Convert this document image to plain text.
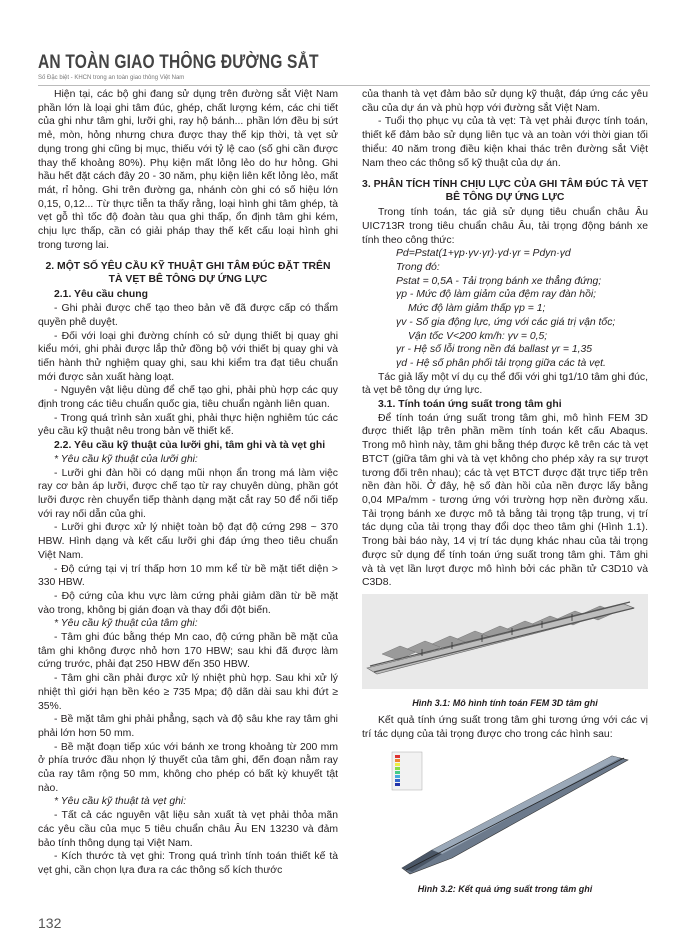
AN TOÀN GIAO THÔNG ĐƯỜNG SẮT
Số Đặc biệt - KHCN trong an toàn giao thông Việt Nam

Hiện tại, các bộ ghi đang sử dụng trên đường sắt Việt Nam phần lớn là loại ghi tâm đúc, ghép, chất lượng kém, các chi tiết của ghi như tâm ghi, lưỡi ghi, ray hộ bánh... phần lớn đều bị sứt mẻ, mòn, hỏng nhưng chưa được thay thế kịp thời, tà vẹt sử dụng trong ghi cũng bị mục, thiếu với tỷ lệ cao (số ghi cần được thay thế khoảng 80%). Phụ kiện mất lỏng lẻo do hư hỏng. Ghi hầu hết đặt cách đây 20 - 30 năm, phụ kiện liên kết lỏng lẻo, mất mát, rỉ hỏng. Ghi trên đường ga, nhánh còn ghi có số hiệu lớn 0,15, 0,12... Từ thực tiễn ta thấy rằng, loại hình ghi tâm ghép, tà vẹt gỗ thì tốc độ đoàn tàu qua ghi thấp, ổn định tâm ghi kém, chịu lực thấp, cần có giải pháp thay thế kết cấu loại hình ghi trong tương lai.

2. MỘT SỐ YÊU CẦU KỸ THUẬT GHI TÂM ĐÚC ĐẶT TRÊN TÀ VẸT BÊ TÔNG DỰ ỨNG LỰC
2.1. Yêu cầu chung

- Ghi phải được chế tạo theo bản vẽ đã được cấp có thẩm quyền phê duyệt.

- Đối với loại ghi đường chính có sử dụng thiết bị quay ghi kiểu mới, ghi phải được lắp thử đồng bộ với thiết bị quay ghi và tiến hành thử nghiệm quay ghi, sau khi kiểm tra đạt tiêu chuẩn mới được sản xuất hàng loạt.

- Nguyên vật liệu dùng để chế tạo ghi, phải phù hợp các quy định trong các tiêu chuẩn quốc gia, tiêu chuẩn ngành liên quan.

- Trong quá trình sản xuất ghi, phải thực hiện nghiêm túc các yêu cầu kỹ thuật nêu trong bản vẽ thiết kế.

2.2. Yêu cầu kỹ thuật của lưỡi ghi, tâm ghi và tà vẹt ghi

* Yêu cầu kỹ thuật của lưỡi ghi:

- Lưỡi ghi đàn hồi có dạng mũi nhọn ẩn trong má làm việc ray cơ bản áp lưỡi, được chế tạo từ ray chuyên dùng, phần gót lưỡi được rèn chuyển tiếp thành dạng mặt cắt ray 50 để nối tiếp với ray nối dẫn của ghi.

- Lưỡi ghi được xử lý nhiệt toàn bộ đạt độ cứng 298 ~ 370 HBW. Hình dạng và kết cấu lưỡi ghi đáp ứng theo tiêu chuẩn Việt Nam.

- Độ cứng tại vị trí thấp hơn 10 mm kể từ bề mặt tiết diện > 330 HBW.

- Độ cứng của khu vực làm cứng phải giảm dần từ bề mặt vào trong, không bị gián đoạn và thay đổi đột biến.

* Yêu cầu kỹ thuật của tâm ghi:

- Tâm ghi đúc bằng thép Mn cao, độ cứng phần bề mặt của tâm ghi không được nhỏ hơn 170 HBW; sau khi đã được làm cứng trước, phải đạt 250 HBW đến 350 HBW.

- Tâm ghi cần phải được xử lý nhiệt phù hợp. Sau khi xử lý nhiệt thì giới hạn bền kéo ≥ 735 Mpa; độ dãn dài sau khi đứt ≥ 35%.

- Bề mặt tâm ghi phải phẳng, sạch và độ sâu khe ray tâm ghi phải lớn hơn 50 mm.

- Bề mặt đoạn tiếp xúc với bánh xe trong khoảng từ 200 mm ở phía trước đầu nhọn lý thuyết của tâm ghi, đến đoạn nằm ray của ray tâm rộng 50 mm, không cho phép có bất kỳ khuyết tật nào.

* Yêu cầu kỹ thuật tà vẹt ghi:

- Tất cả các nguyên vật liệu sản xuất tà vẹt phải thỏa mãn các yêu cầu của mục 5 tiêu chuẩn châu Âu EN 13230 và đảm bảo tính thông dụng tại Việt Nam.

- Kích thước tà vẹt ghi: Trong quá trình tính toán thiết kế tà vẹt ghi, cần chọn lựa đưa ra các thông số kích thước

của thanh tà vẹt đảm bảo sử dụng kỹ thuật, đáp ứng các yêu cầu của dự án và phù hợp với đường sắt Việt Nam.

- Tuổi thọ phục vụ của tà vẹt: Tà vẹt phải được tính toán, thiết kế đảm bảo sử dụng liên tục và an toàn với thời gian tối thiểu: 40 năm trong điều kiện khai thác trên đường sắt Việt Nam theo các thông số kỹ thuật của dự án.

3. PHÂN TÍCH TÍNH CHỊU LỰC CỦA GHI TÂM ĐÚC TÀ VẸT BÊ TÔNG DỰ ỨNG LỰC

Trong tính toán, tác giả sử dụng tiêu chuẩn châu Âu UIC713R trong tiêu chuẩn châu Âu, tải trọng động bánh xe tính theo công thức:

Pd=Pstat(1+γp·γv·γr)·γd·γr = Pdyn·γd

Trong đó:

Pstat = 0,5A - Tải trọng bánh xe thẳng đứng;

γp - Mức độ làm giảm của đệm ray đàn hồi;

Mức độ làm giảm thấp γp = 1;

γv - Số gia động lực, ứng với các giá trị vận tốc;

Vận tốc V<200 km/h: γv = 0,5;

γr - Hệ số lỗi trong nền đá ballast γr = 1,35

γd - Hệ số phân phối tải trọng giữa các tà vẹt.

Tác giả lấy một ví dụ cụ thể đối với ghi tg1/10 tâm ghi đúc, tà vẹt bê tông dự ứng lực.

3.1. Tính toán ứng suất trong tâm ghi

Để tính toán ứng suất trong tâm ghi, mô hình FEM 3D được thiết lập trên phần mềm tính toán kết cấu Abaqus. Trong mô hình này, tâm ghi bằng thép được kê trên các tà vẹt BTCT (giữa tâm ghi và tà vẹt không cho phép xảy ra sự trượt tương đối trên nhau); các tà vẹt BTCT được đặt trực tiếp trên nền đàn hồi. Ở đây, hệ số đàn hồi của nền được lấy bằng 0,04 MPa/mm - tương ứng với trường hợp nền đường xấu. Tải trọng bánh xe được mô tả bằng tải trọng tập trung, vị trí tác dụng của tải trọng thay đổi dọc theo tâm ghi (Hình 1.1). Trong bài báo này, 14 vị trí tác dụng khác nhau của tải trọng được sử dụng để tính toán ứng suất trong tâm ghi. Tâm ghi và tà vẹt lần lượt được mô hình bởi các phần tử C3D10 và C3D8.

Hình 3.1: Mô hình tính toán FEM 3D tâm ghi

Kết quả tính ứng suất trong tâm ghi tương ứng với các vị trí tác dụng của tải trọng được cho trong các hình sau:

Hình 3.2: Kết quả ứng suất trong tâm ghi
132
